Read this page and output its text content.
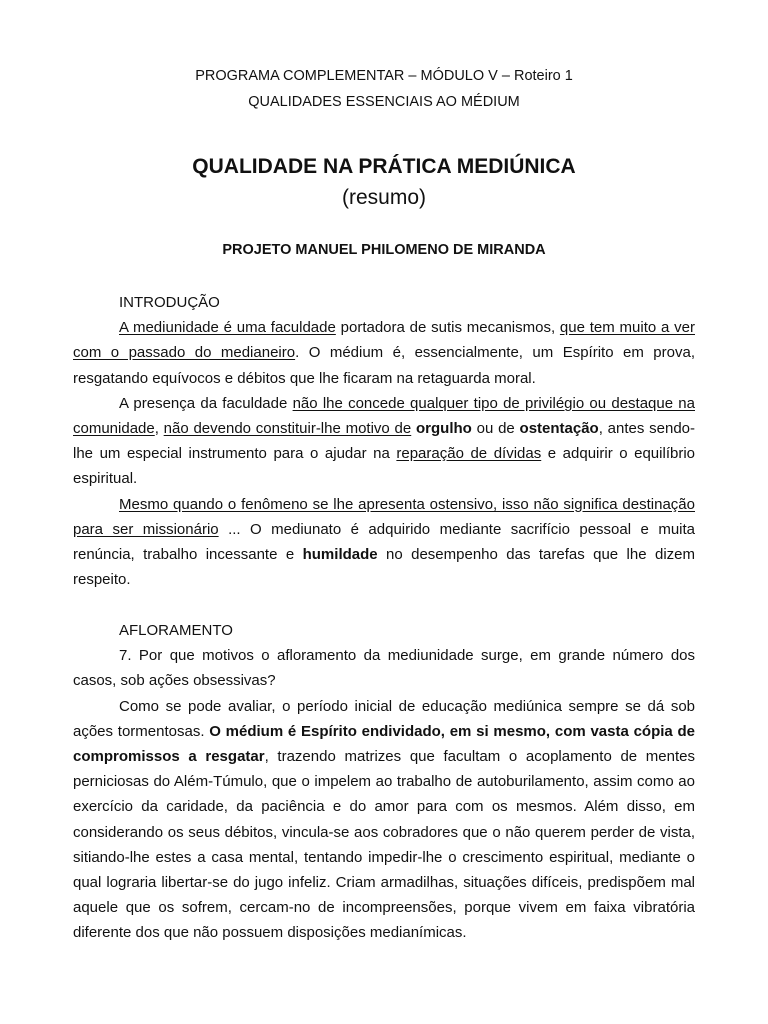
PROGRAMA COMPLEMENTAR – MÓDULO V – Roteiro 1
QUALIDADES ESSENCIAIS AO MÉDIUM
QUALIDADE NA PRÁTICA MEDIÚNICA
(resumo)
PROJETO MANUEL PHILOMENO DE MIRANDA

INTRODUÇÃO

A mediunidade é uma faculdade portadora de sutis mecanismos, que tem muito a ver com o passado do medianeiro. O médium é, essencialmente, um Espírito em prova, resgatando equívocos e débitos que lhe ficaram na retaguarda moral.

A presença da faculdade não lhe concede qualquer tipo de privilégio ou destaque na comunidade, não devendo constituir-lhe motivo de orgulho ou de ostentação, antes sendo-lhe um especial instrumento para o ajudar na reparação de dívidas e adquirir o equilíbrio espiritual.

Mesmo quando o fenômeno se lhe apresenta ostensivo, isso não significa destinação para ser missionário ... O mediunato é adquirido mediante sacrifício pessoal e muita renúncia, trabalho incessante e humildade no desempenho das tarefas que lhe dizem respeito.

AFLORAMENTO

7. Por que motivos o afloramento da mediunidade surge, em grande número dos casos, sob ações obsessivas?

Como se pode avaliar, o período inicial de educação mediúnica sempre se dá sob ações tormentosas. O médium é Espírito endividado, em si mesmo, com vasta cópia de compromissos a resgatar, trazendo matrizes que facultam o acoplamento de mentes perniciosas do Além-Túmulo, que o impelem ao trabalho de autoburilamento, assim como ao exercício da caridade, da paciência e do amor para com os mesmos. Além disso, em considerando os seus débitos, vincula-se aos cobradores que o não querem perder de vista, sitiando-lhe estes a casa mental, tentando impedir-lhe o crescimento espiritual, mediante o qual lograria libertar-se do jugo infeliz. Criam armadilhas, situações difíceis, predispõem mal aquele que os sofrem, cercam-no de incompreensões, porque vivem em faixa vibratória diferente dos que não possuem disposições medianímicas.
